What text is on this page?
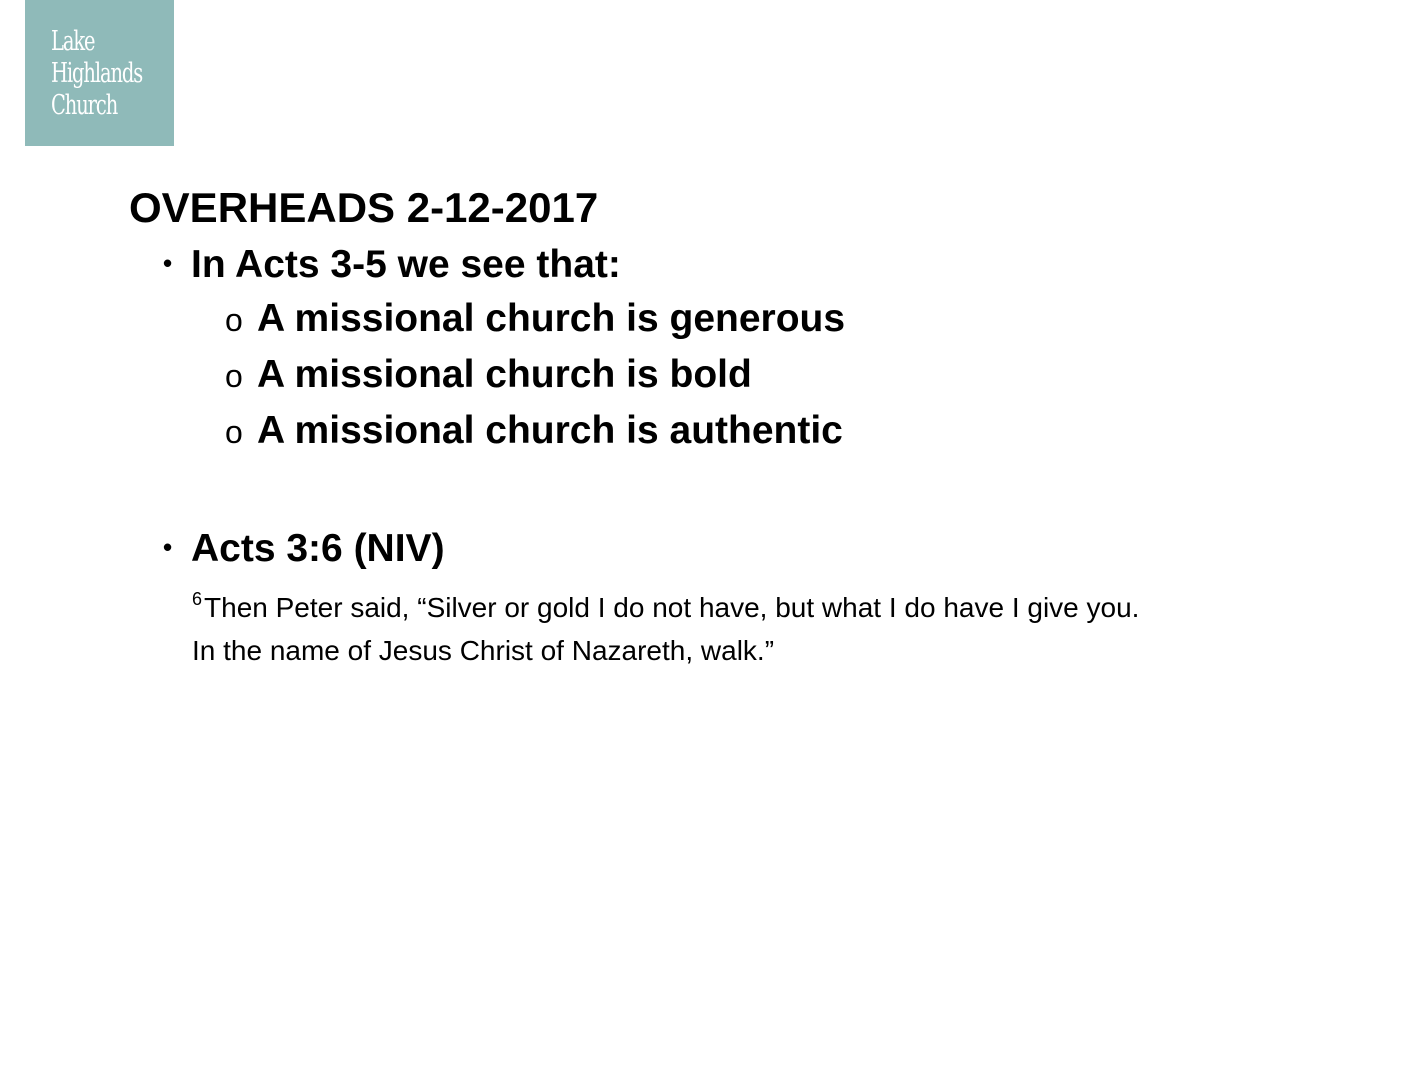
Lake
Highlands
Church
OVERHEADS 2-12-2017
• In Acts 3-5 we see that:
o A missional church is generous
o A missional church is bold
o A missional church is authentic
• Acts 3:6 (NIV)
$^6$Then Peter said, “Silver or gold I do not have, but what I do have I give you.
In the name of Jesus Christ of Nazareth, walk.”
